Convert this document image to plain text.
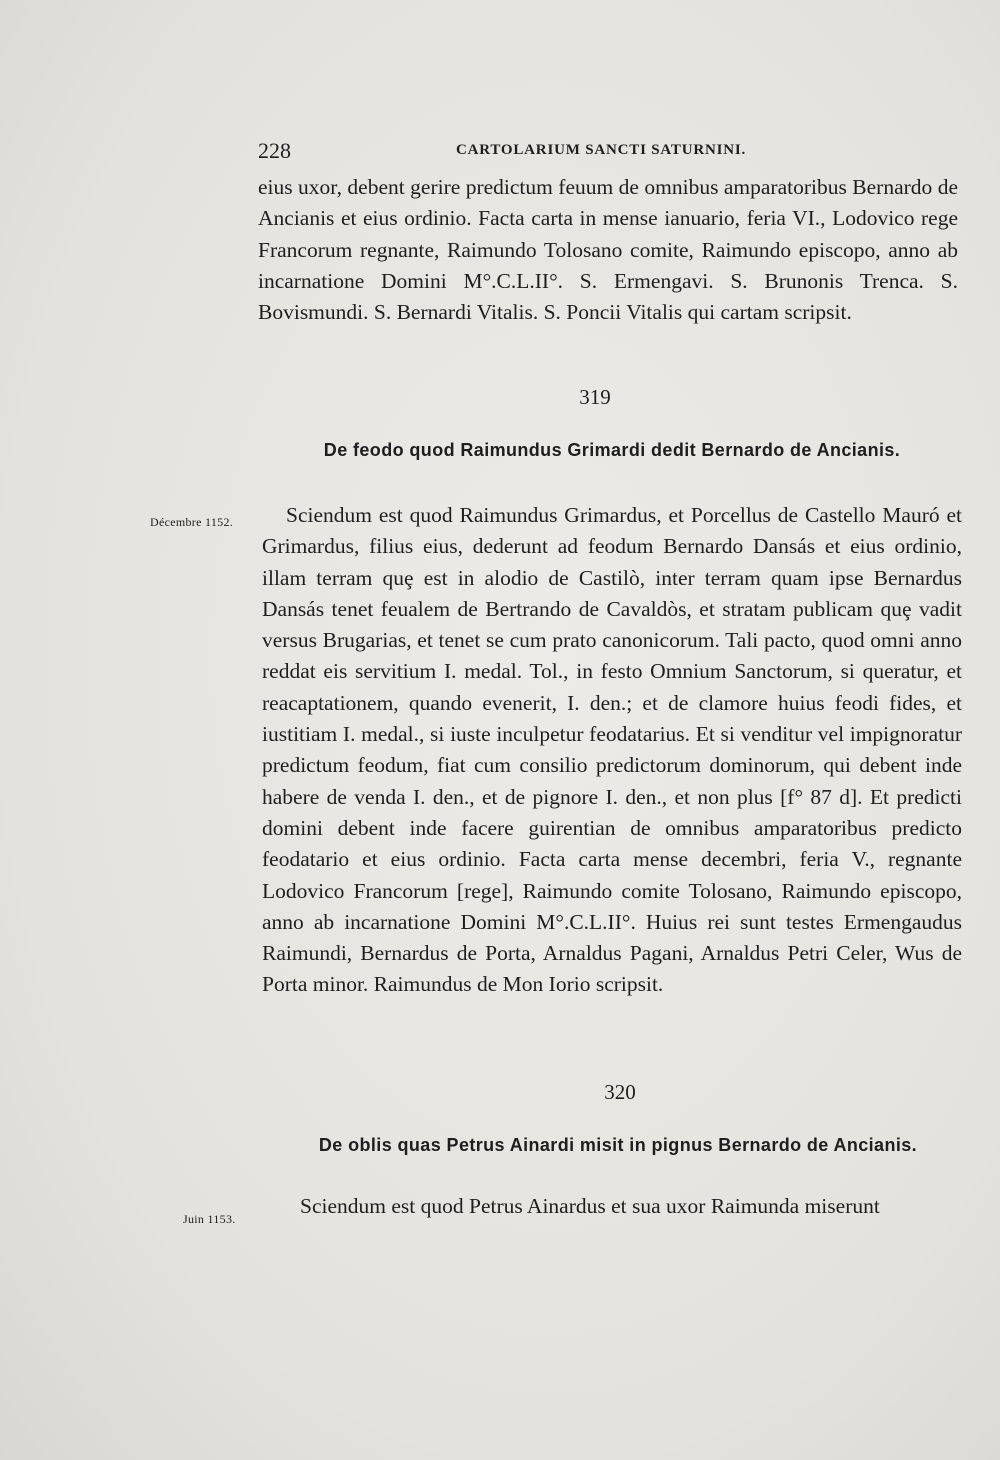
228	CARTOLARIUM SANCTI SATURNINI.

eius uxor, debent gerire predictum feuum de omnibus amparatoribus Bernardo de Ancianis et eius ordinio. Facta carta in mense ianuario, feria VI., Lodovico rege Francorum regnante, Raimundo Tolosano comite, Raimundo episcopo, anno ab incarnatione Domini M°.C.L.II°. S. Ermengavi. S. Brunonis Trenca. S. Bovismundi. S. Bernardi Vitalis. S. Poncii Vitalis qui cartam scripsit.

319
De feodo quod Raimundus Grimardi dedit Bernardo de Ancianis.
Décembre 1152.	Sciendum est quod Raimundus Grimardus, et Porcellus de Castello Mauró et Grimardus, filius eius, dederunt ad feodum Bernardo Dansás et eius ordinio, illam terram quȩ est in alodio de Castilò, inter terram quam ipse Bernardus Dansás tenet feualem de Bertrando de Cavaldòs, et stratam publicam quȩ vadit versus Brugarias, et tenet se cum prato canonicorum. Tali pacto, quod omni anno reddat eis servitium I. medal. Tol., in festo Omnium Sanctorum, si queratur, et reacaptationem, quando evenerit, I. den.; et de clamore huius feodi fides, et iustitiam I. medal., si iuste inculpetur feodatarius. Et si venditur vel impignoratur predictum feodum, fiat cum consilio predictorum dominorum, qui debent inde habere de venda I. den., et de pignore I. den., et non plus [f° 87 d]. Et predicti domini debent inde facere guirentian de omnibus amparatoribus predicto feodatario et eius ordinio. Facta carta mense decembri, feria V., regnante Lodovico Francorum [rege], Raimundo comite Tolosano, Raimundo episcopo, anno ab incarnatione Domini M°.C.L.II°. Huius rei sunt testes Ermengaudus Raimundi, Bernardus de Porta, Arnaldus Pagani, Arnaldus Petri Celer, Wus de Porta minor. Raimundus de Mon Iorio scripsit.

320
De oblis quas Petrus Ainardi misit in pignus Bernardo de Ancianis.
Juin 1153.

Sciendum est quod Petrus Ainardus et sua uxor Raimunda miserunt
